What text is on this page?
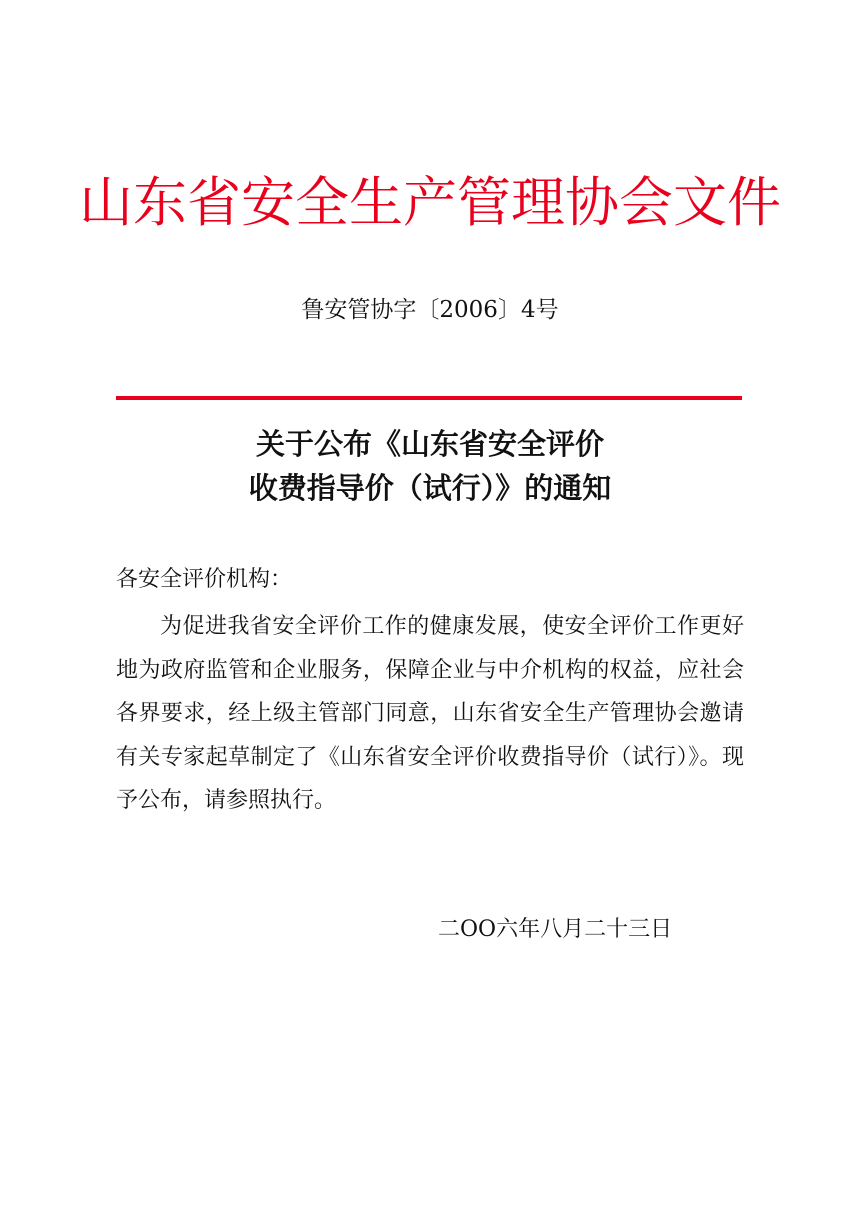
山东省安全生产管理协会文件
鲁安管协字〔2006〕4号
关于公布《山东省安全评价
收费指导价（试行）》的通知
各安全评价机构：

为促进我省安全评价工作的健康发展，使安全评价工作更好地为政府监管和企业服务，保障企业与中介机构的权益，应社会各界要求，经上级主管部门同意，山东省安全生产管理协会邀请有关专家起草制定了《山东省安全评价收费指导价（试行）》。现予公布，请参照执行。

二OO六年八月二十三日
